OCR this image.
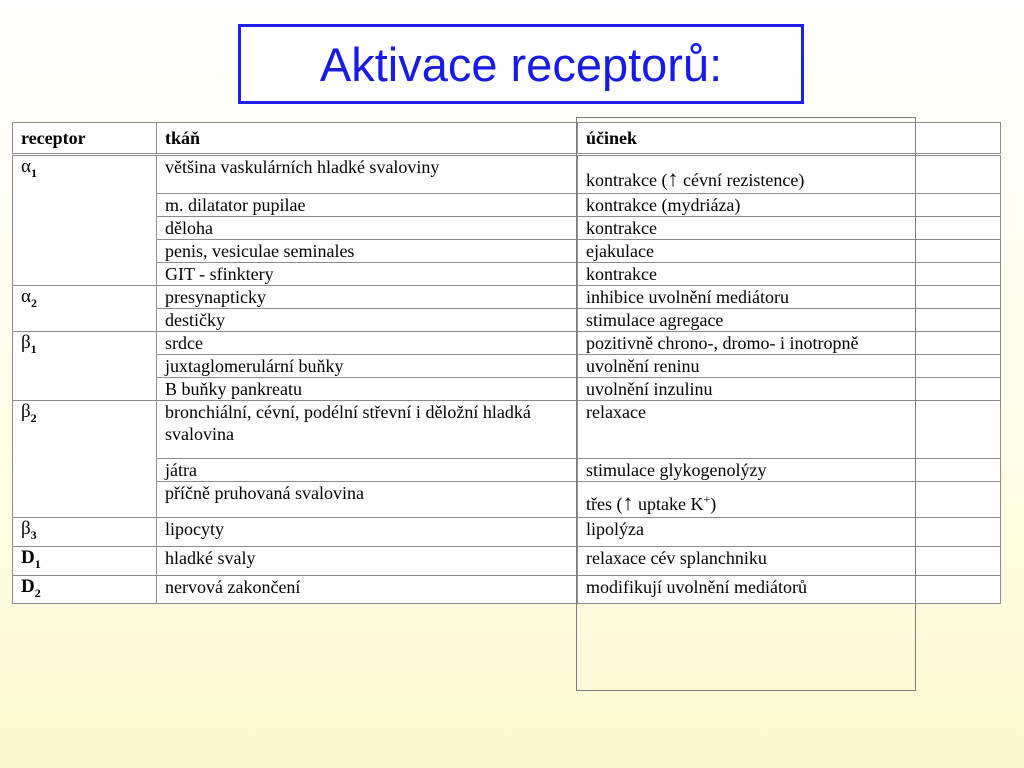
Aktivace receptorů:
receptor	tkáň	účinek
$\alpha_1$	většina vaskulárních hladké svaloviny	kontrakce (↑ cévní rezistence)
	m. dilatator pupilae	kontrakce (mydriáza)
	děloha	kontrakce
	penis, vesiculae seminales	ejakulace
	GIT - sfinktery	kontrakce
$\alpha_2$	presynapticky	inhibice uvolnění mediátoru
	destičky	stimulace agregace
$\beta_1$	srdce	pozitivně chrono-, dromo- i inotropně
	juxtaglomerulární buňky	uvolnění reninu
	B buňky pankreatu	uvolnění inzulinu
$\beta_2$	bronchiální, cévní, podélní střevní i děložní hladká svalovina	relaxace
	játra	stimulace glykogenolýzy
	příčně pruhovaná svalovina	třes (↑ uptake K+)
$\beta_3$	lipocyty	lipolýza
$D_1$	hladké svaly	relaxace cév splanchniku
$D_2$	nervová zakončení	modifikují uvolnění mediátorů
